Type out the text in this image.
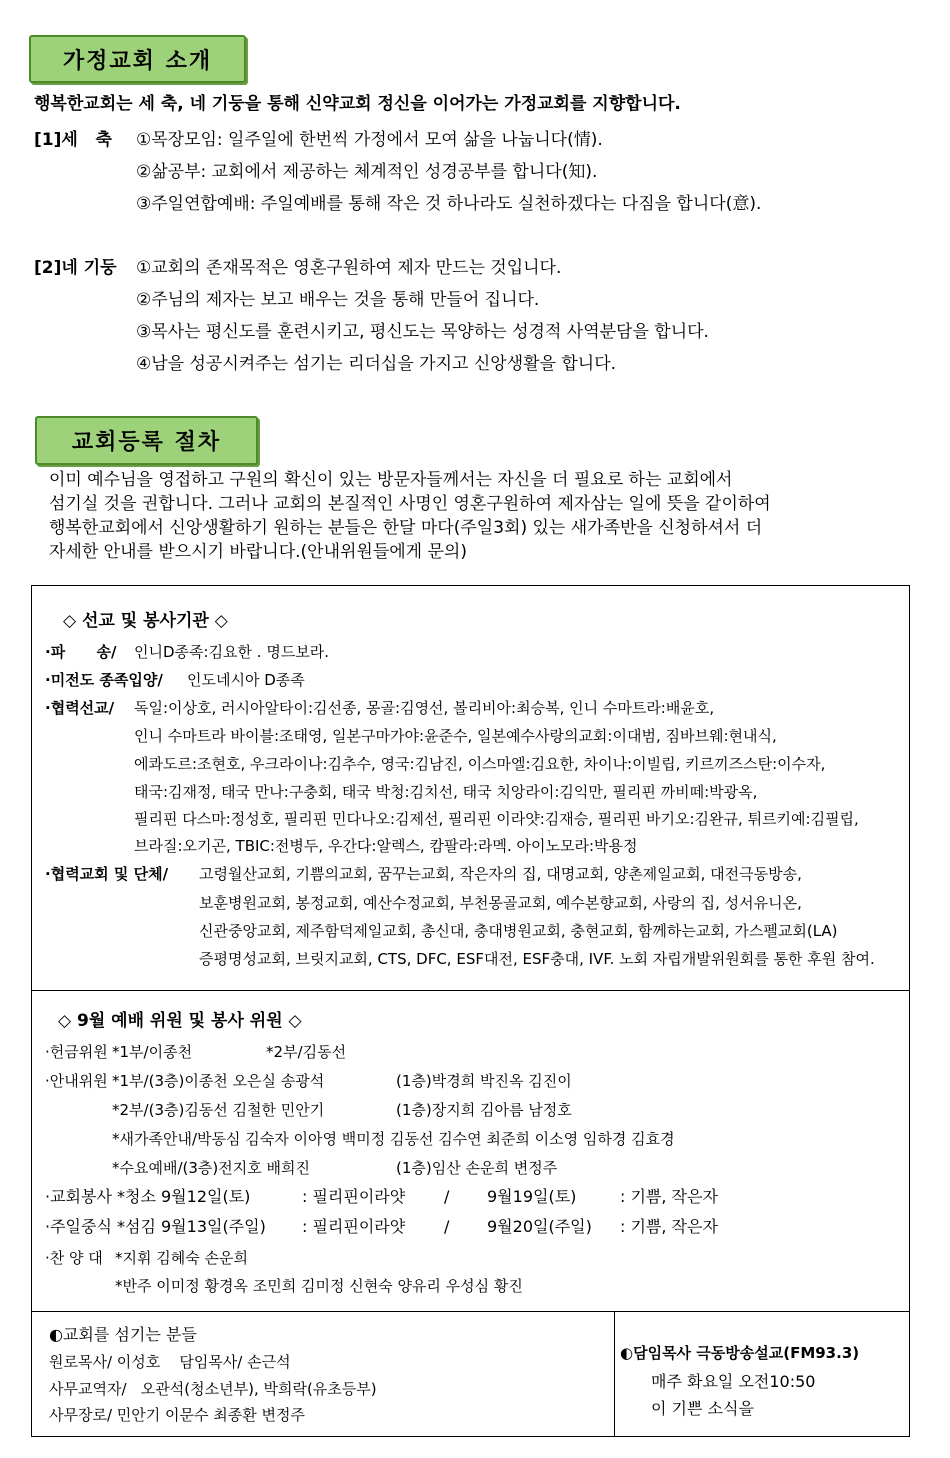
가정교회 소개
행복한교회는 세 축, 네 기둥을 통해 신약교회 정신을 이어가는 가정교회를 지향합니다.
[1]세   축 ①목장모임: 일주일에 한번씩 가정에서 모여 삶을 나눕니다(情).
②삶공부: 교회에서 제공하는 체계적인 성경공부를 합니다(知).
③주일연합예배: 주일예배를 통해 작은 것 하나라도 실천하겠다는 다짐을 합니다(意).
[2]네 기둥 ①교회의 존재목적은 영혼구원하여 제자 만드는 것입니다.
②주님의 제자는 보고 배우는 것을 통해 만들어 집니다.
③목사는 평신도를 훈련시키고, 평신도는 목양하는 성경적 사역분담을 합니다.
④남을 성공시켜주는 섬기는 리더십을 가지고 신앙생활을 합니다.
교회등록 절차
이미 예수님을 영접하고 구원의 확신이 있는 방문자들께서는 자신을 더 필요로 하는 교회에서
섬기실 것을 권합니다. 그러나 교회의 본질적인 사명인 영혼구원하여 제자삼는 일에 뜻을 같이하여
행복한교회에서 신앙생활하기 원하는 분들은 한달 마다(주일3회) 있는 새가족반을 신청하셔서 더
자세한 안내를 받으시기 바랍니다.(안내위원들에게 문의)
◇ 선교 및 봉사기관 ◇
·파      송/ 인니D종족:김요한 . 명드보라.
·미전도 종족입양/ 인도네시아 D종족
·협력선교/ 독일:이상호, 러시아알타이:김선종, 몽골:김영선, 볼리비아:최승복, 인니 수마트라:배윤호,
인니 수마트라 바이블:조태영, 일본구마가야:윤준수, 일본예수사랑의교회:이대범, 짐바브웨:현내식,
에콰도르:조현호, 우크라이나:김추수, 영국:김남진, 이스마엘:김요한, 차이나:이빌립, 키르끼즈스탄:이수자,
태국:김재정, 태국 만나:구충회, 태국 박청:김치선, 태국 치앙라이:김익만, 필리핀 까비떼:박광옥,
필리핀 다스마:정성호, 필리핀 민다나오:김제선, 필리핀 이라얏:김재승, 필리핀 바기오:김완규, 튀르키예:김필립,
브라질:오기곤, TBIC:전병두, 우간다:알렉스, 캄팔라:라멕. 아이노모라:박용정
·협력교회 및 단체/ 고령월산교회, 기쁨의교회, 꿈꾸는교회, 작은자의 집, 대명교회, 양촌제일교회, 대전극동방송,
보훈병원교회, 봉정교회, 예산수정교회, 부천몽골교회, 예수본향교회, 사랑의 집, 성서유니온,
신관중앙교회, 제주함덕제일교회, 총신대, 충대병원교회, 충현교회, 함께하는교회, 가스펠교회(LA)
증평명성교회, 브릿지교회, CTS, DFC, ESF대전, ESF충대, IVF. 노회 자립개발위원회를 통한 후원 참여.
◇ 9월 예배 위원 및 봉사 위원 ◇
·헌금위원 *1부/이종천	*2부/김동선
·안내위원 *1부/(3층)이종천 오은실 송광석	(1층)박경희 박진옥 김진이
*2부/(3층)김동선 김철한 민안기	(1층)장지희 김아름 남정호
*새가족안내/박동심 김숙자 이아영 백미정 김동선 김수연 최준희 이소영 임하경 김효경
*수요예배/(3층)전지호 배희진	(1층)임산 손운희 변정주
·교회봉사 *청소 9월12일(토)	: 필리핀이라얏 / 9월19일(토)	: 기쁨, 작은자
·주일중식 *섬김 9월13일(주일) : 필리핀이라얏 / 9월20일(주일) : 기쁨, 작은자
·찬 양 대 *지휘 김혜숙 손운희
*반주 이미정 황경옥 조민희 김미정 신현숙 양유리 우성심 황진
◐교회를 섬기는 분들
원로목사/ 이성호    담임목사/ 손근석
사무교역자/   오관석(청소년부), 박희락(유초등부)
사무장로/ 민안기 이문수 최종환 변정주
◐담임목사 극동방송설교(FM93.3)
매주 화요일 오전10:50
이 기쁜 소식을
